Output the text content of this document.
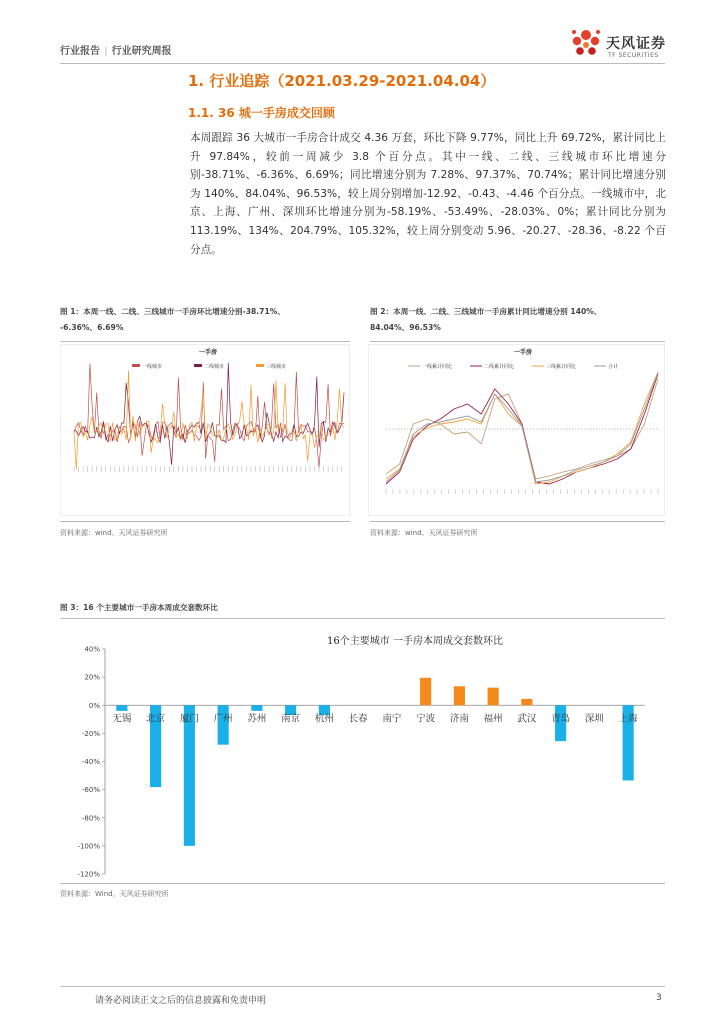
行业报告 | 行业研究周报	天风证券
TF SECURITIES
1. 行业追踪（2021.03.29-2021.04.04）
1.1. 36 城一手房成交回顾
本周跟踪 36 大城市一手房合计成交 4.36 万套，环比下降 9.77%，同比上升 69.72%，累计同比上升 97.84%，较前一周减少 3.8 个百分点。其中一线、二线、三线城市环比增速分别-38.71%、-6.36%、6.69%；同比增速分别为 7.28%、97.37%、70.74%；累计同比增速分别为 140%、84.04%、96.53%，较上周分别增加-12.92、-0.43、-4.46 个百分点。一线城市中，北京、上海、广州、深圳环比增速分别为-58.19%、-53.49%、-28.03%、0%；累计同比分别为 113.19%、134%、204.79%、105.32%，较上周分别变动 5.96、-20.27、-28.36、-8.22 个百分点。
图 1：本周一线、二线、三线城市一手房环比增速分别-38.71%、
-6.36%、6.69%
一手房
一线城市	二线城市	三线城市
资料来源：wind、天风证券研究所
图 2：本周一线、二线、三线城市一手房累计同比增速分别 140%、
84.04%、96.53%
一手房
一线累计同比	二线累计同比	三线累计同比	合计
资料来源：wind、天风证券研究所
图 3：16 个主要城市一手房本周成交套数环比
16个主要城市 一手房本周成交套数环比
40%
20%
0%
-20%
-40%
-60%
-80%
-100%
-120%
无锡 北京 厦门 广州 苏州 南京 杭州 长春 南宁 宁波 济南 福州 武汉 青岛 深圳 上海
资料来源：Wind、天风证券研究所
请务必阅读正文之后的信息披露和免责申明	3
